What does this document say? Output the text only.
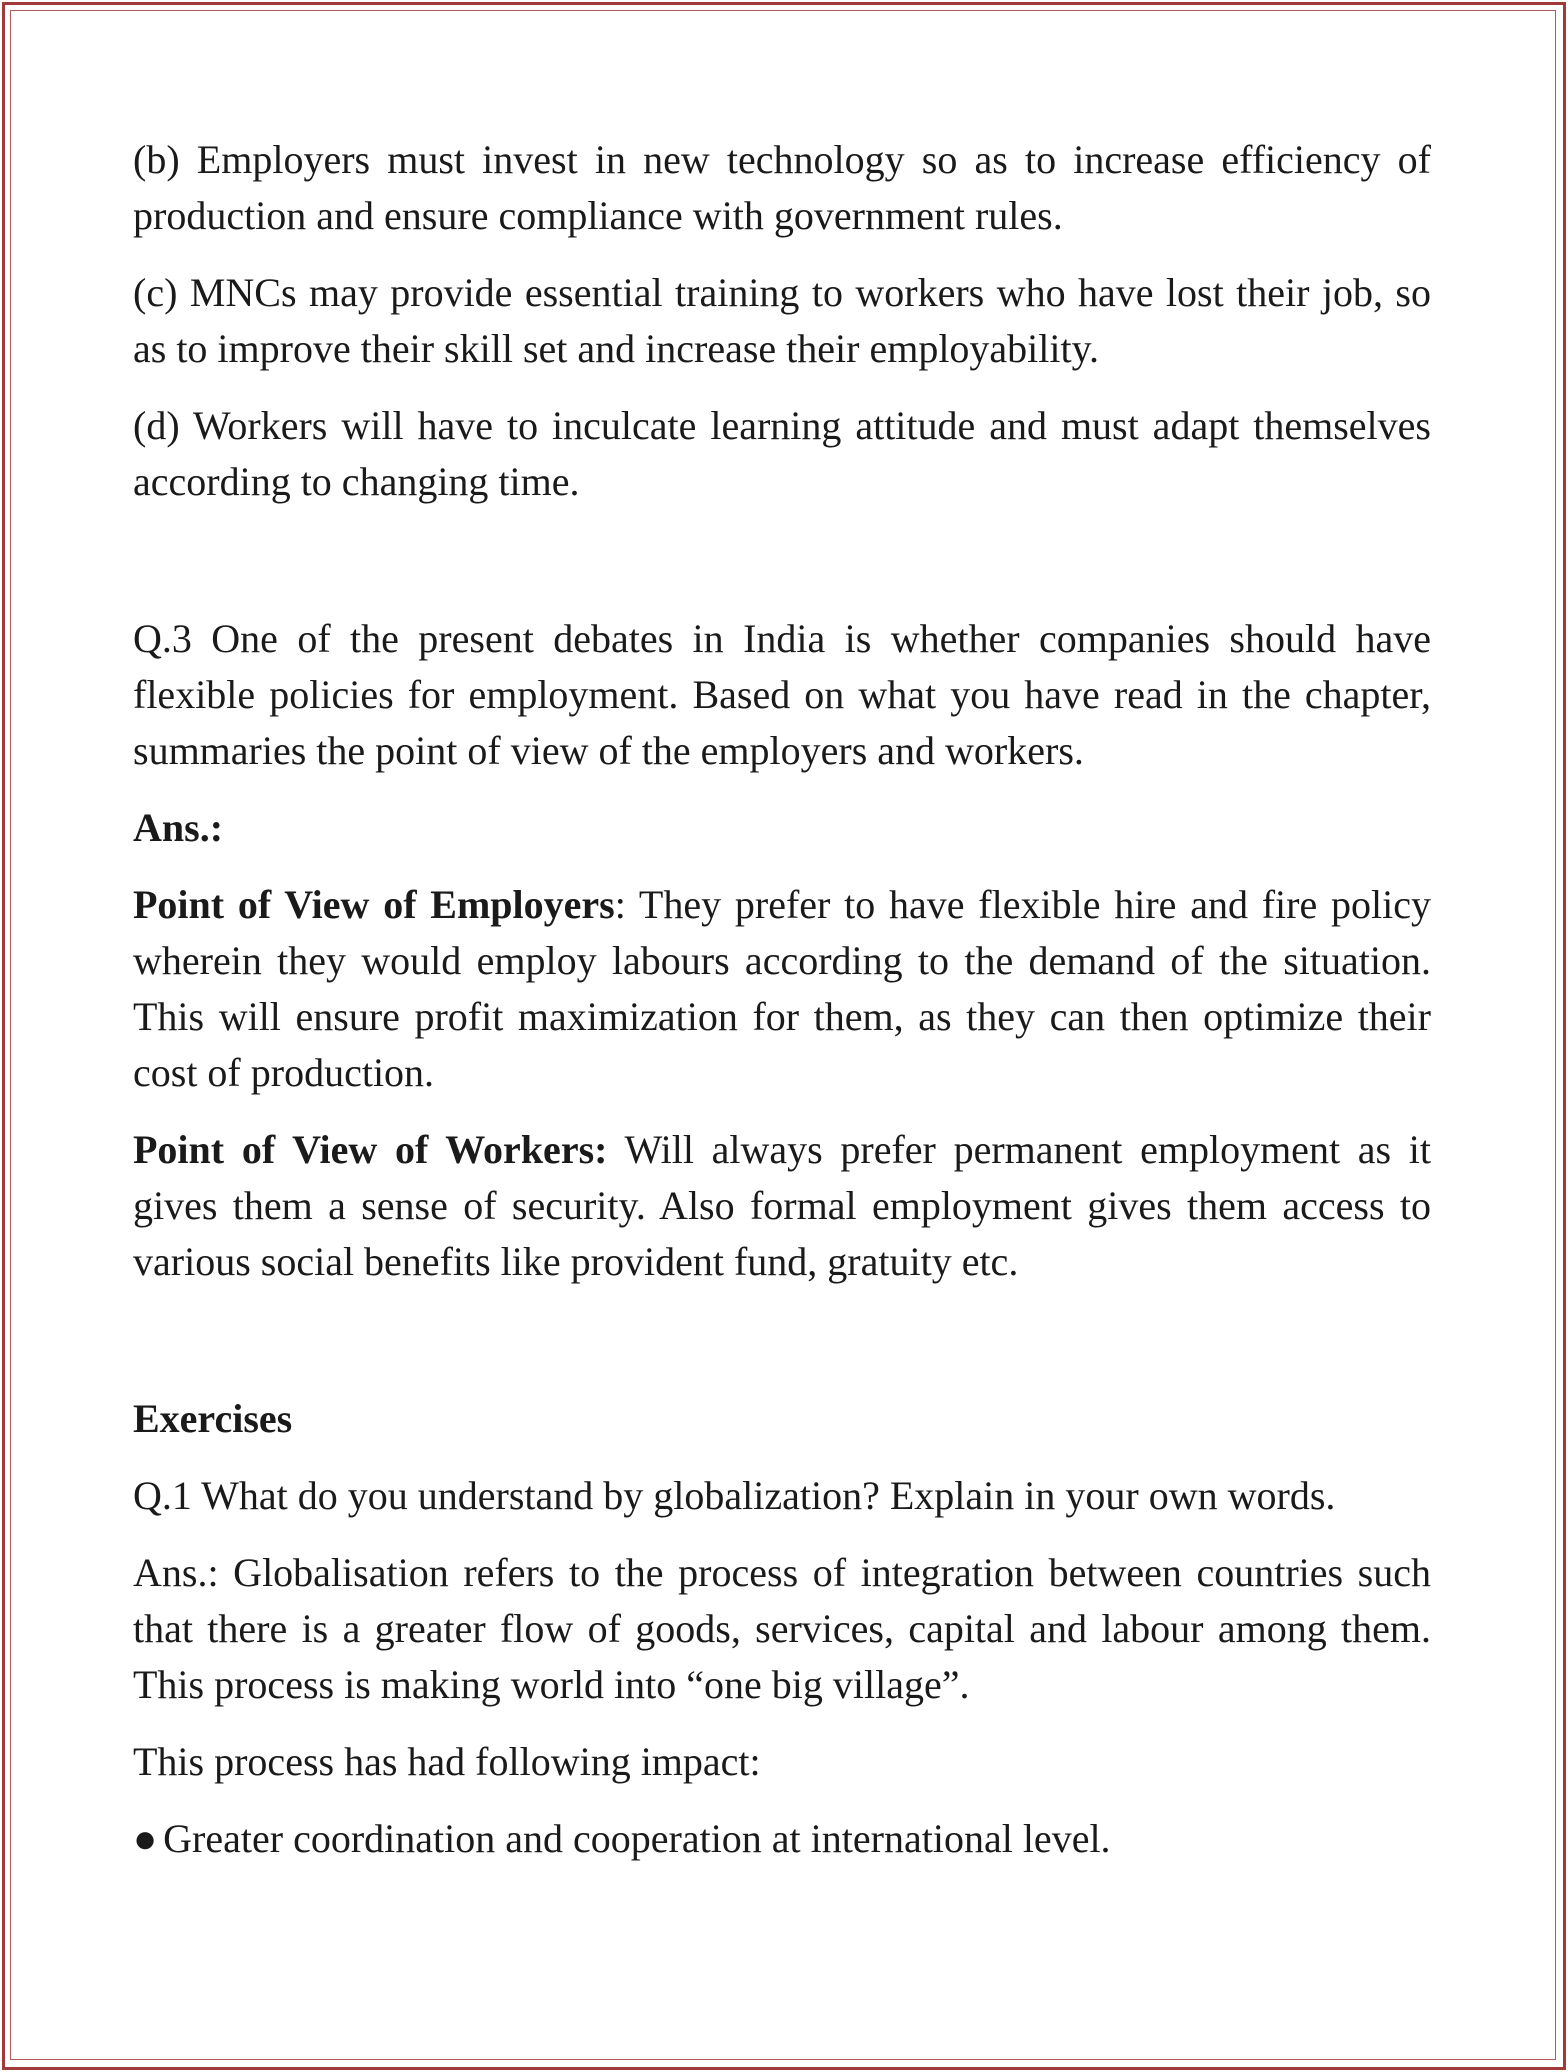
(b) Employers must invest in new technology so as to increase efficiency of production and ensure compliance with government rules.

(c) MNCs may provide essential training to workers who have lost their job, so as to improve their skill set and increase their employability.

(d) Workers will have to inculcate learning attitude and must adapt themselves according to changing time.

Q.3 One of the present debates in India is whether companies should have flexible policies for employment. Based on what you have read in the chapter, summaries the point of view of the employers and workers.

Ans.:

Point of View of Employers: They prefer to have flexible hire and fire policy wherein they would employ labours according to the demand of the situation. This will ensure profit maximization for them, as they can then optimize their cost of production.

Point of View of Workers: Will always prefer permanent employment as it gives them a sense of security. Also formal employment gives them access to various social benefits like provident fund, gratuity etc.

Exercises

Q.1 What do you understand by globalization? Explain in your own words.

Ans.: Globalisation refers to the process of integration between countries such that there is a greater flow of goods, services, capital and labour among them. This process is making world into “one big village”.

This process has had following impact:

● Greater coordination and cooperation at international level.
